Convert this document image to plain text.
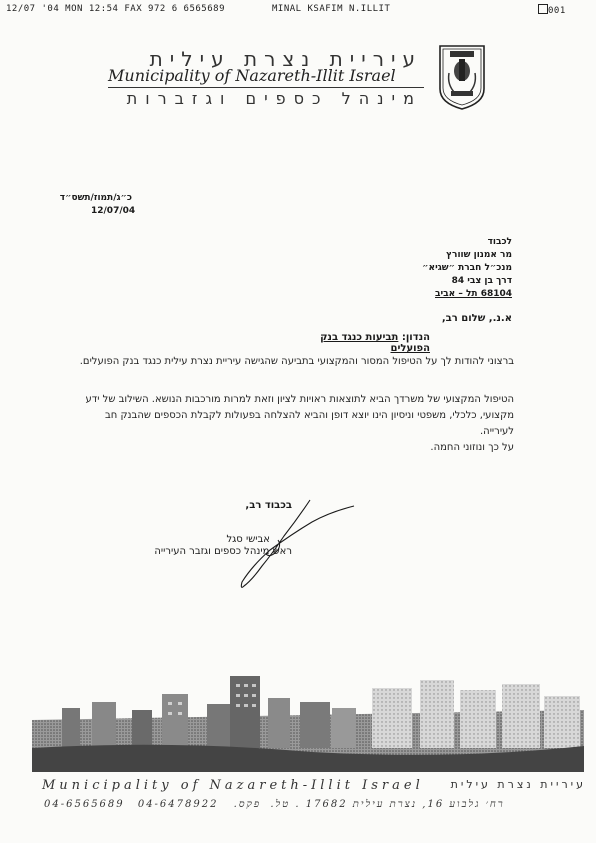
12/07 '04 MON 12:54 FAX 972 6 6565689	MINAL KSAFIM N.ILLIT	001
עיריית נצרת עילית
Municipality of Nazareth-Illit Israel
מינהל כספים וגזברות
כ״ג/תמוז/תשס״ד
12/07/04
לכבוד
מר אמנון שוורץ
מנכ״ל חברת ״שגיא״
דרך בן צבי 84
68104 תל – אביב
א.נ., שלום רב,
הנדון: תביעות כנגד בנק הפועלים
ברצוני להודות לך על הטיפול המסור והמקצועי בתביעה שהגישה עיריית נצרת עילית כנגד בנק הפועלים.
הטיפול המקצועי של משרדך הביא לתוצאות ראויות לציון וזאת למרות מורכבות הנושא. השילוב של ידע מקצועי, כלכלי, משפטי וניסיון הינו יוצא דופן והביא להצלחה בפעולות לקבלת הכספים שהבנק חב לעירייה.
על כך ונוזוני החמה.
בכבוד רב,
אבישי סגל
ראש מינהל כספים וגזבר העירייה
Municipality of Nazareth-Illit Israel	עיריית נצרת עילית
04-6565689	פקס. 04-6478922	רח׳ גלבוע 16, נצרת עילית 17682 . טל.
